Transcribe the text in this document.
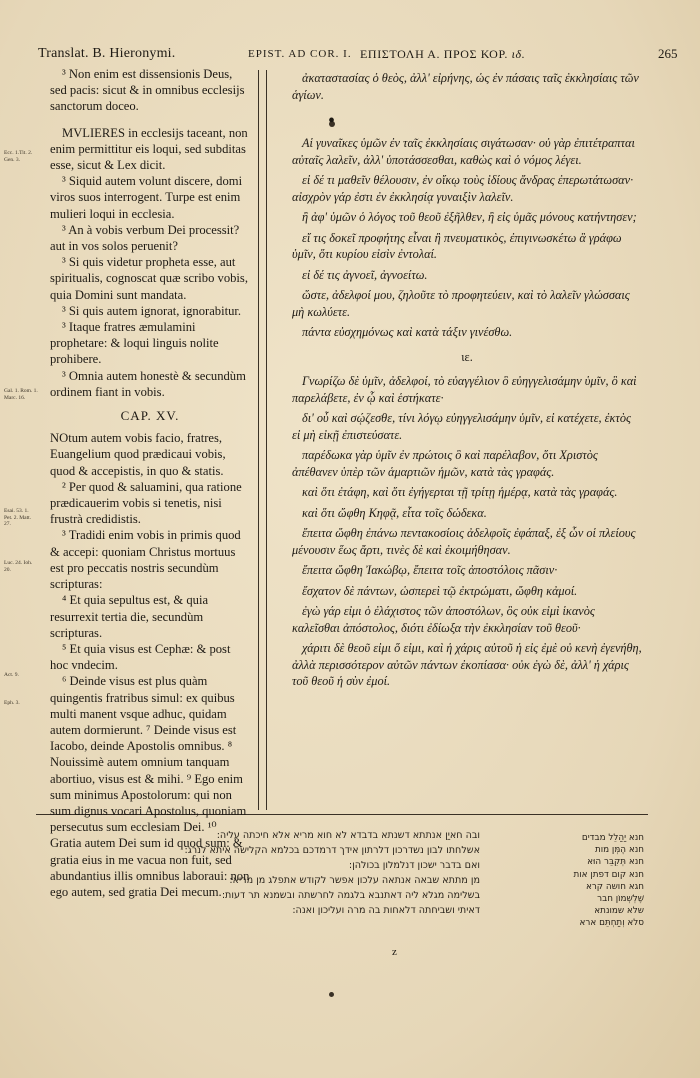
Translat. B. Hieronymi.	EPIST. AD COR. I. ΕΠΙΣΤΟΛΗ Α. ΠΡΟΣ ΚΟΡ. ιδ.	265
Ecc. 1.Tit. 2. Gen. 3.
Gal. 1. Rom. 1. Marc. 16.
Esai. 53. 1. Pet. 2. Matt. 27.
Luc. 24. Ioh. 20.
Act. 9.
Eph. 3.

³ Non enim est dissensionis Deus, sed pacis: sicut & in omnibus ecclesijs sanctorum doceo.

MVLIERES in ecclesijs taceant, non enim permittitur eis loqui, sed subditas esse, sicut & Lex dicit.

³ Siquid autem volunt discere, domi viros suos interrogent. Turpe est enim mulieri loqui in ecclesia.

³ An à vobis verbum Dei processit? aut in vos solos peruenit?

³ Si quis videtur propheta esse, aut spiritualis, cognoscat quæ scribo vobis, quia Domini sunt mandata.

³ Si quis autem ignorat, ignorabitur.

³ Itaque fratres æmulamini prophetare: & loqui linguis nolite prohibere.

³ Omnia autem honestè & secundùm ordinem fiant in vobis.

CAP. XV.

NOtum autem vobis facio, fratres, Euangelium quod prædicaui vobis, quod & accepistis, in quo & statis.

² Per quod & saluamini, qua ratione prædicauerim vobis si tenetis, nisi frustrà credidistis.

³ Tradidi enim vobis in primis quod & accepi: quoniam Christus mortuus est pro peccatis nostris secundùm scripturas:

⁴ Et quia sepultus est, & quia resurrexit tertia die, secundùm scripturas.

⁵ Et quia visus est Cephæ: & post hoc vndecim.

⁶ Deinde visus est plus quàm quingentis fratribus simul: ex quibus multi manent vsque adhuc, quidam autem dormierunt. ⁷ Deinde visus est Iacobo, deinde Apostolis omnibus. ⁸ Nouissimè autem omnium tanquam abortiuo, visus est & mihi. ⁹ Ego enim sum minimus Apostolorum: qui non sum dignus vocari Apostolus, quoniam persecutus sum ecclesiam Dei. ¹⁰ Gratia autem Dei sum id quod sum: & gratia eius in me vacua non fuit, sed abundantius illis omnibus laboraui: non ego autem, sed gratia Dei mecum.

ἀκαταστασίας ὁ θεὸς, ἀλλ' εἰρήνης, ὡς ἐν πάσαις ταῖς ἐκκλησίαις τῶν ἁγίων.

•

Αἱ γυναῖκες ὑμῶν ἐν ταῖς ἐκκλησίαις σιγάτωσαν· οὐ γὰρ ἐπιτέτραπται αὐταῖς λαλεῖν, ἀλλ' ὑποτάσσεσθαι, καθὼς καὶ ὁ νόμος λέγει.

εἰ δέ τι μαθεῖν θέλουσιν, ἐν οἴκῳ τοὺς ἰδίους ἄνδρας ἐπερωτάτωσαν· αἰσχρὸν γάρ ἐστι ἐν ἐκκλησίᾳ γυναιξὶν λαλεῖν.

ἢ ἀφ' ὑμῶν ὁ λόγος τοῦ θεοῦ ἐξῆλθεν, ἢ εἰς ὑμᾶς μόνους κατήντησεν;

εἴ τις δοκεῖ προφήτης εἶναι ἢ πνευματικὸς, ἐπιγινωσκέτω ἃ γράφω ὑμῖν, ὅτι κυρίου εἰσὶν ἐντολαί.

εἰ δέ τις ἀγνοεῖ, ἀγνοείτω.

ὥστε, ἀδελφοί μου, ζηλοῦτε τὸ προφητεύειν, καὶ τὸ λαλεῖν γλώσσαις μὴ κωλύετε.

πάντα εὐσχημόνως καὶ κατὰ τάξιν γινέσθω.

ιε.

Γνωρίζω δὲ ὑμῖν, ἀδελφοί, τὸ εὐαγγέλιον ὃ εὐηγγελισάμην ὑμῖν, ὃ καὶ παρελάβετε, ἐν ᾧ καὶ ἑστήκατε·

δι' οὗ καὶ σῴζεσθε, τίνι λόγῳ εὐηγγελισάμην ὑμῖν, εἰ κατέχετε, ἐκτὸς εἰ μὴ εἰκῇ ἐπιστεύσατε.

παρέδωκα γὰρ ὑμῖν ἐν πρώτοις ὃ καὶ παρέλαβον, ὅτι Χριστὸς ἀπέθανεν ὑπὲρ τῶν ἁμαρτιῶν ἡμῶν, κατὰ τὰς γραφάς.

καὶ ὅτι ἐτάφη, καὶ ὅτι ἐγήγερται τῇ τρίτῃ ἡμέρᾳ, κατὰ τὰς γραφάς.

καὶ ὅτι ὤφθη Κηφᾷ, εἶτα τοῖς δώδεκα.

ἔπειτα ὤφθη ἐπάνω πεντακοσίοις ἀδελφοῖς ἐφάπαξ, ἐξ ὧν οἱ πλείους μένουσιν ἕως ἄρτι, τινὲς δὲ καὶ ἐκοιμήθησαν.

ἔπειτα ὤφθη Ἰακώβῳ, ἔπειτα τοῖς ἀποστόλοις πᾶσιν·

ἔσχατον δὲ πάντων, ὡσπερεὶ τῷ ἐκτρώματι, ὤφθη κἀμοί.

ἐγὼ γάρ εἰμι ὁ ἐλάχιστος τῶν ἀποστόλων, ὃς οὐκ εἰμὶ ἱκανὸς καλεῖσθαι ἀπόστολος, διότι ἐδίωξα τὴν ἐκκλησίαν τοῦ θεοῦ·

χάριτι δὲ θεοῦ εἰμι ὅ εἰμι, καὶ ἡ χάρις αὐτοῦ ἡ εἰς ἐμὲ οὐ κενὴ ἐγενήθη, ἀλλὰ περισσότερον αὐτῶν πάντων ἐκοπίασα· οὐκ ἐγὼ δὲ, ἀλλ' ἡ χάρις τοῦ θεοῦ ἡ σὺν ἐμοί.

ובה חאיַן אנתתא דשנתא בדבדא לא חוא מריא אלא חיכתה עליה:

אשלחתו לבון נשדרכון דלרתון אידך דרמדכם בכלמא הקלישה איתא לנרג:

ואם בדבר ישכון דנלמלון בכולהן:

מן מתתא שבאה אנתאה עלכון אפשר לקודש אתפלג מן מריא:

בשלימה מגלא ליה דאתנבא בלגמה לחרשתה ובשמנא תר דעות:

דאיתי ושביחתה דלאחות בה מרה ועליכון ואנה:

חנא יַהַלֵל מבדים

חנא הֶמְּן מות

חנא תְּקִבֵּר הוּא

חנא קום דפתן אות

חגא חושה קרא

שֶׁלְשְׁמוֹן חבר

שלא שמונתא

סלא וְתַחְתֵּם ארא

z
